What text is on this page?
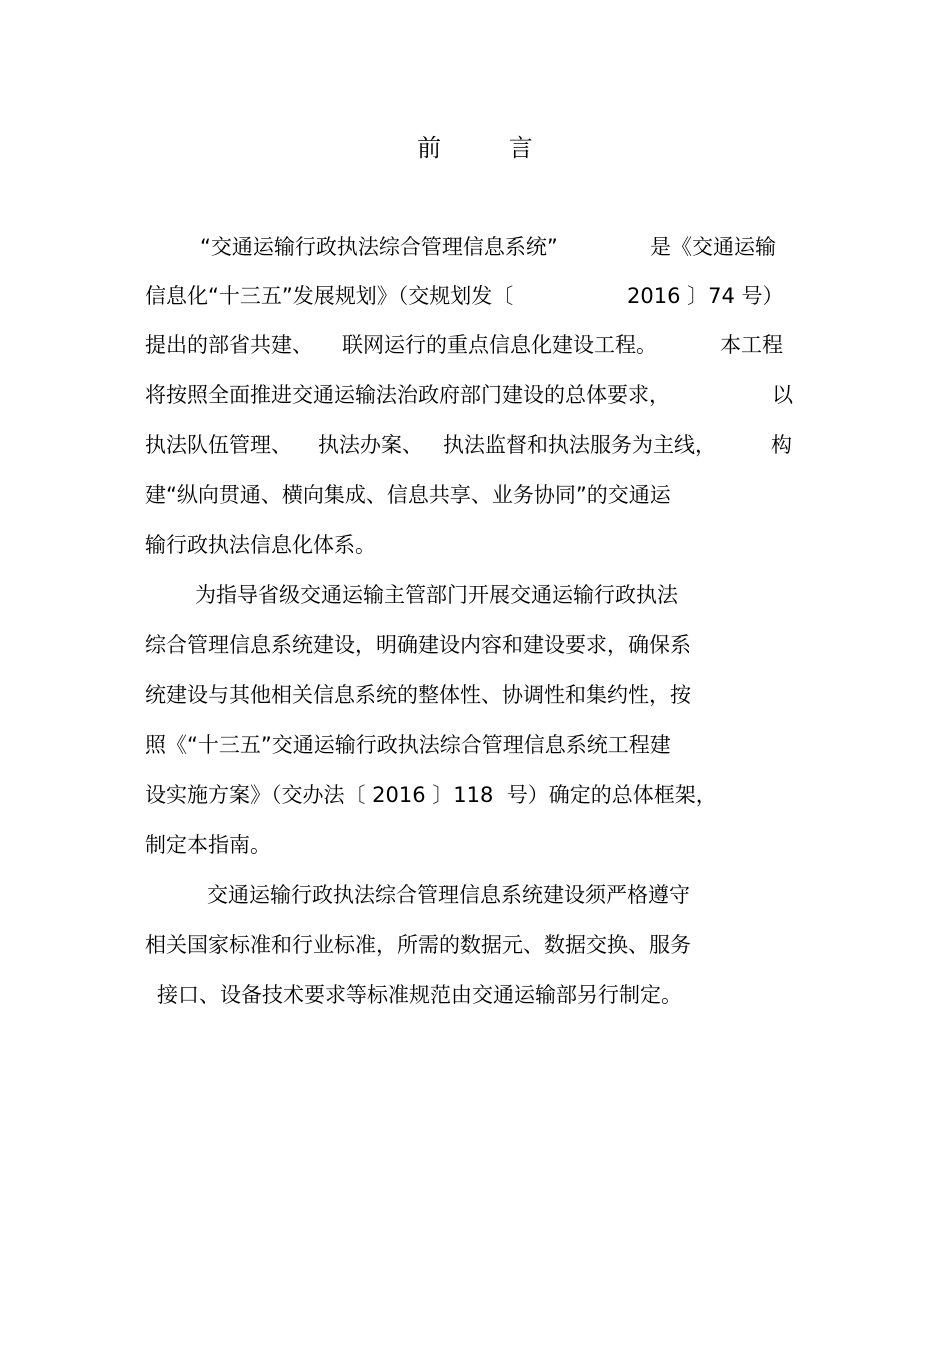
前 言
“交通运输行政执法综合管理信息系统”	是《交通运输
信息化“十三五”发展规划》（交规划发〔	2016 〕74 号）
提出的部省共建、 联网运行的重点信息化建设工程。	本工程
将按照全面推进交通运输法治政府部门建设的总体要求，	以
执法队伍管理、 执法办案、 执法监督和执法服务为主线，	构
建“纵向贯通、横向集成、信息共享、业务协同”的交通运
输行政执法信息化体系。
为指导省级交通运输主管部门开展交通运输行政执法
综合管理信息系统建设，明确建设内容和建设要求，确保系
统建设与其他相关信息系统的整体性、协调性和集约性，按
照《“十三五”交通运输行政执法综合管理信息系统工程建
设实施方案》（交办法〔 2016 〕118  号）确定的总体框架，
制定本指南。
交通运输行政执法综合管理信息系统建设须严格遵守
相关国家标准和行业标准，所需的数据元、数据交换、服务
接口、设备技术要求等标准规范由交通运输部另行制定。
